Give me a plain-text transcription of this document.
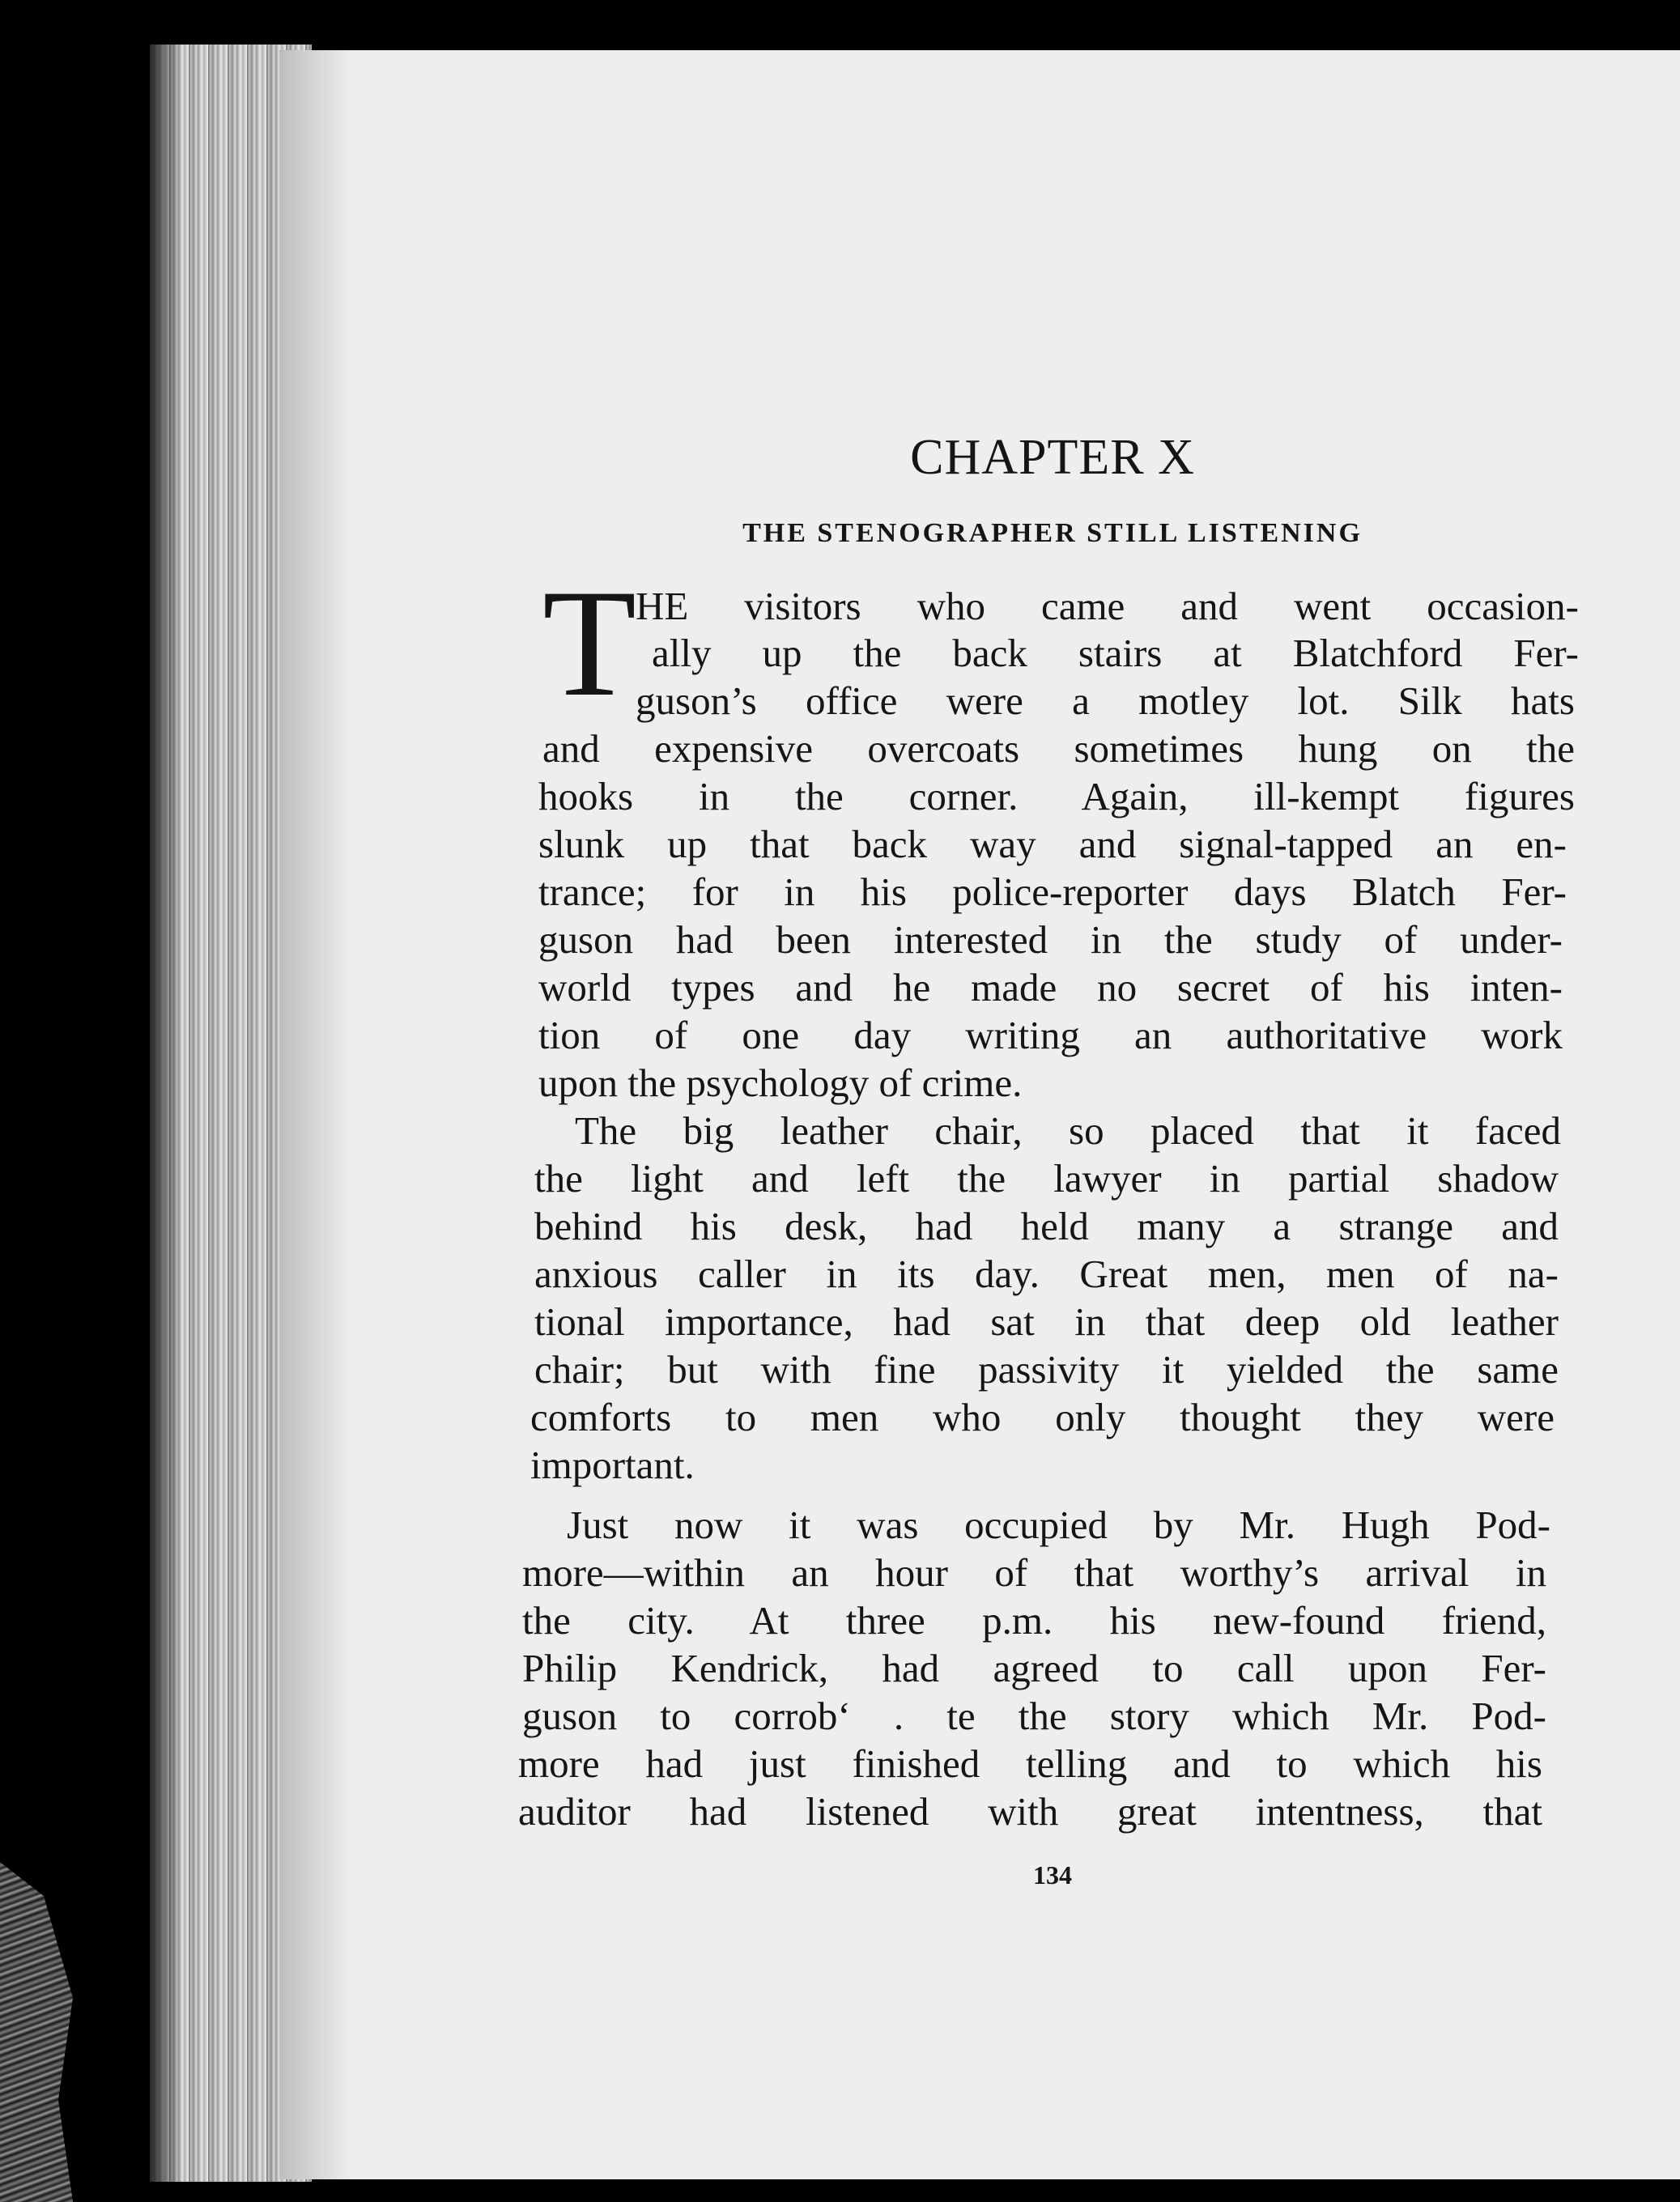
CHAPTER X
THE STENOGRAPHER STILL LISTENING
T
HE visitors who came and went occasion-
ally up the back stairs at Blatchford Fer-
guson’s office were a motley lot. Silk hats
and expensive overcoats sometimes hung on the
hooks in the corner. Again, ill-kempt figures
slunk up that back way and signal-tapped an en-
trance; for in his police-reporter days Blatch Fer-
guson had been interested in the study of under-
world types and he made no secret of his inten-
tion of one day writing an authoritative work
upon the psychology of crime.
The big leather chair, so placed that it faced
the light and left the lawyer in partial shadow
behind his desk, had held many a strange and
anxious caller in its day. Great men, men of na-
tional importance, had sat in that deep old leather
chair; but with fine passivity it yielded the same
comforts to men who only thought they were
important.
Just now it was occupied by Mr. Hugh Pod-
more—within an hour of that worthy’s arrival in
the city. At three p.m. his new-found friend,
Philip Kendrick, had agreed to call upon Fer-
guson to corrob‘ . te the story which Mr. Pod-
more had just finished telling and to which his
auditor had listened with great intentness, that
134
